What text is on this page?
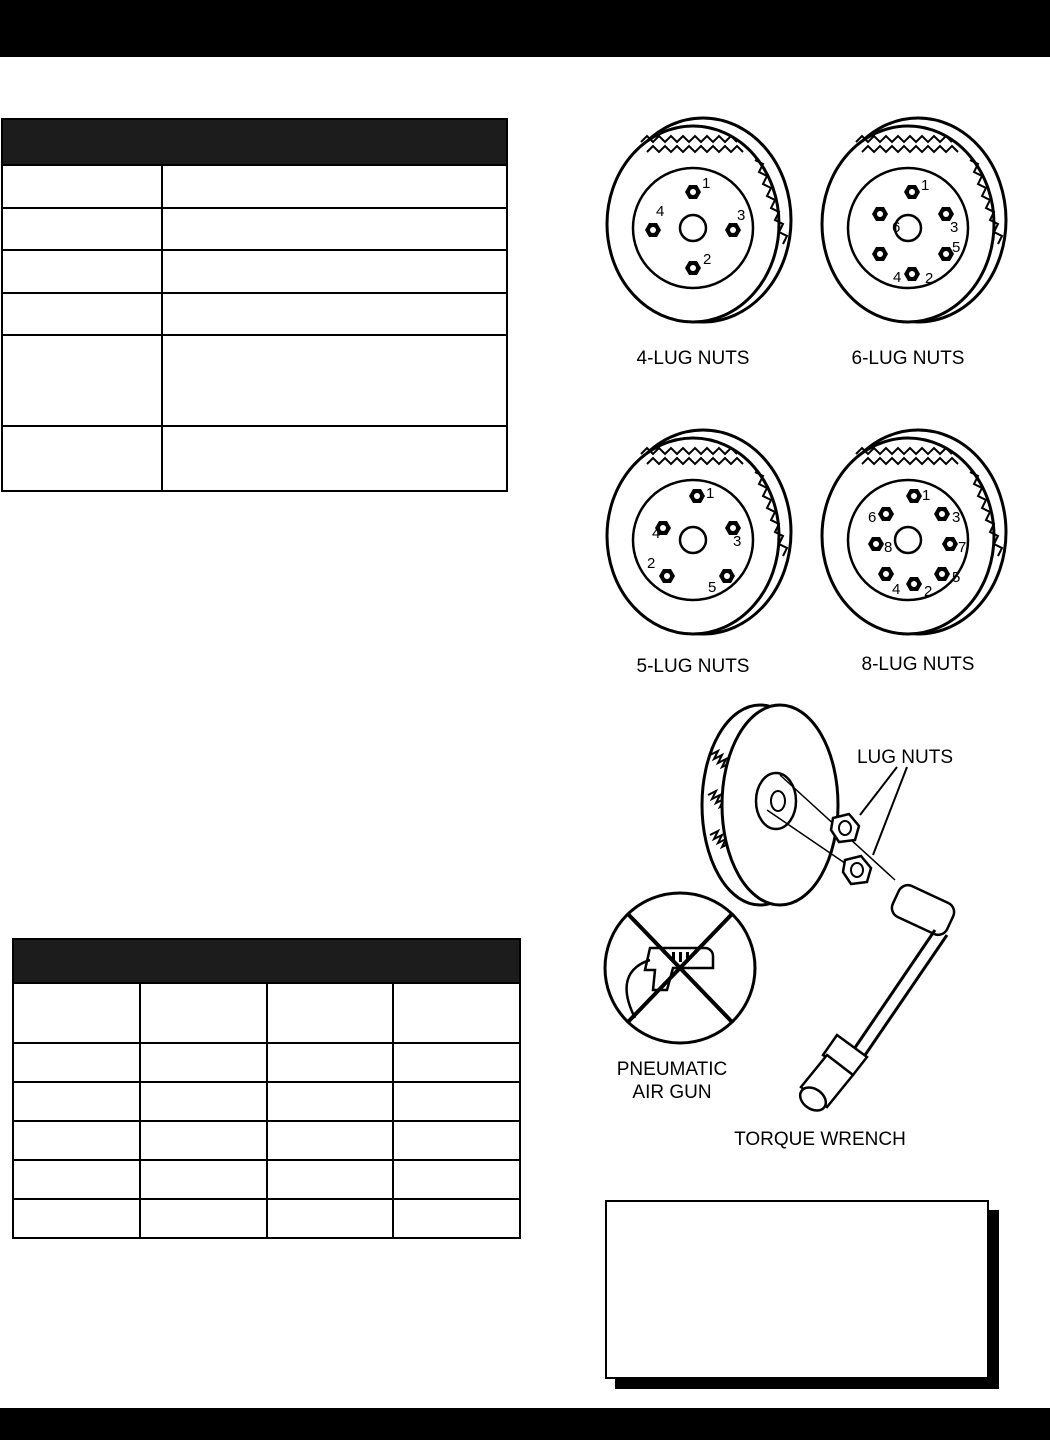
1
2
3
4
1
2
3
4
5
6
4-LUG NUTS	6-LUG NUTS
1
2
3
4
5
1
2
3
4
5
6
7
8
5-LUG NUTS	8-LUG NUTS
LUG NUTS
TORQUE WRENCH
PNEUMATIC
AIR GUN
